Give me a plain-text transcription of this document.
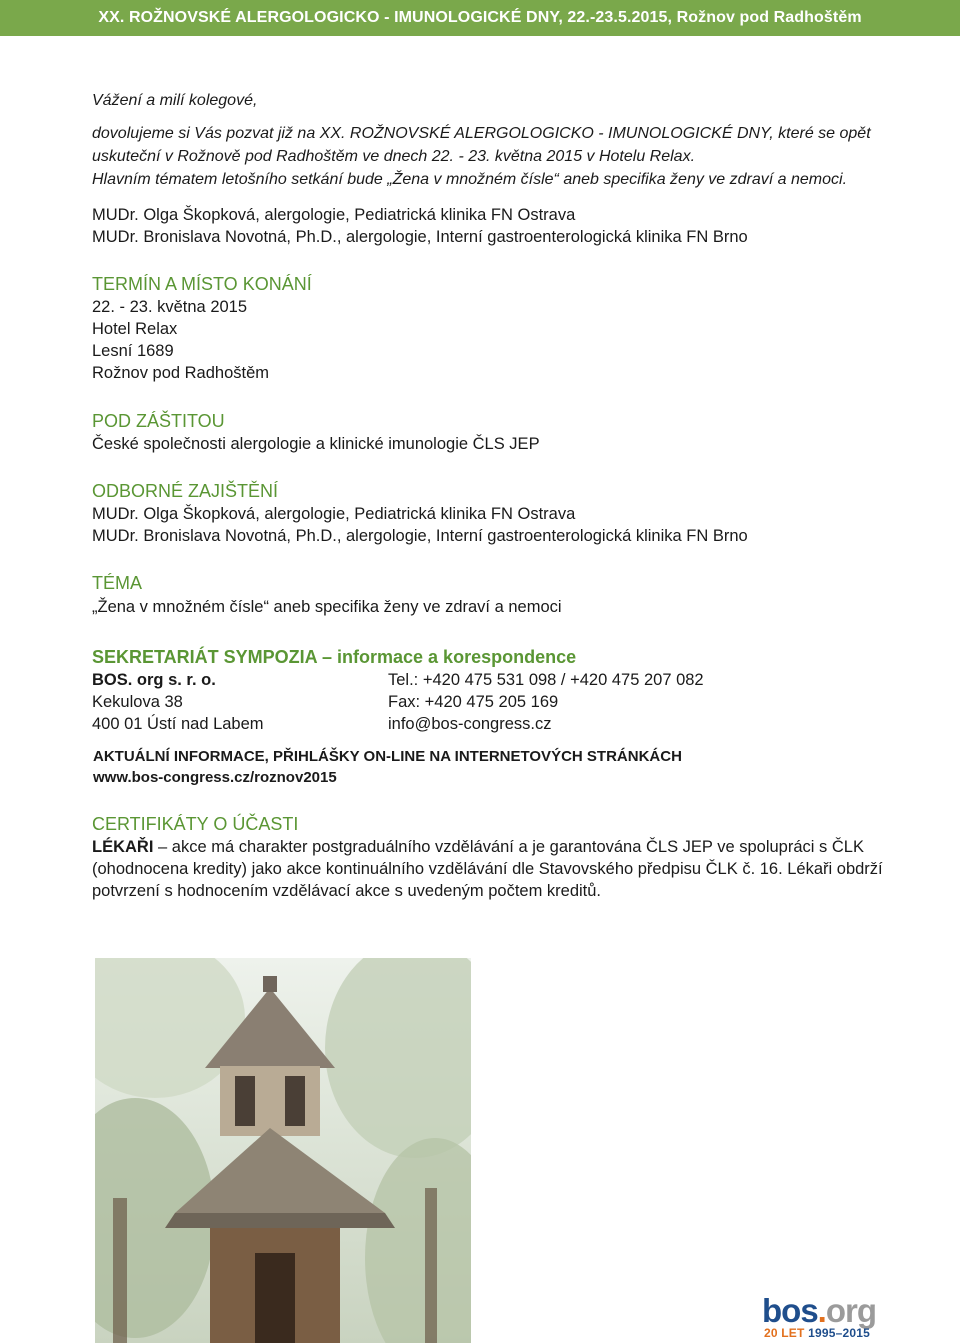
XX. ROŽNOVSKÉ ALERGOLOGICKO - IMUNOLOGICKÉ DNY, 22.-23.5.2015, Rožnov pod Radhoštěm
Vážení a milí kolegové,
dovolujeme si Vás pozvat již na XX. ROŽNOVSKÉ ALERGOLOGICKO - IMUNOLOGICKÉ DNY, které se opět
uskuteční v Rožnově pod Radhoštěm ve dnech 22. - 23. května 2015 v Hotelu Relax.
Hlavním tématem letošního setkání bude „Žena v množném čísle“ aneb specifika ženy ve zdraví a nemoci.
MUDr. Olga Škopková, alergologie, Pediatrická klinika FN Ostrava
MUDr. Bronislava Novotná, Ph.D., alergologie, Interní gastroenterologická klinika FN Brno
TERMÍN A MÍSTO KONÁNÍ
22. - 23. května 2015
Hotel Relax
Lesní 1689
Rožnov pod Radhoštěm
POD ZÁŠTITOU
České společnosti alergologie a klinické imunologie ČLS JEP
ODBORNÉ ZAJIŠTĚNÍ
MUDr. Olga Škopková, alergologie, Pediatrická klinika FN Ostrava
MUDr. Bronislava Novotná, Ph.D., alergologie, Interní gastroenterologická klinika FN Brno
TÉMA
„Žena v množném čísle“ aneb specifika ženy ve zdraví a nemoci
SEKRETARIÁT SYMPOZIA – informace a korespondence
BOS. org s. r. o.
Kekulova 38
400 01 Ústí nad Labem
Tel.: +420 475 531 098 / +420 475 207 082
Fax: +420 475 205 169
info@bos-congress.cz
AKTUÁLNÍ INFORMACE, PŘIHLÁŠKY ON-LINE NA INTERNETOVÝCH STRÁNKÁCH
www.bos-congress.cz/roznov2015
CERTIFIKÁTY O ÚČASTI
LÉKAŘI – akce má charakter postgraduálního vzdělávání a je garantována ČLS JEP ve spolupráci s ČLK
(ohodnocena kredity) jako akce kontinuálního vzdělávání dle Stavovského předpisu ČLK č. 16. Lékaři obdrží
potvrzení s hodnocením vzdělávací akce s uvedeným počtem kreditů.
bos.org
20 LET 1995–2015
